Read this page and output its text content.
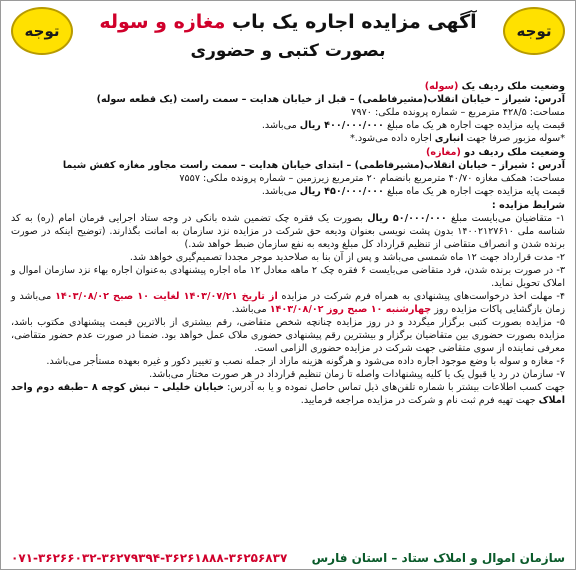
توجه
توجه	آگهی مزایده اجاره یک باب مغازه و سوله
بصورت کتبی و حضوری

وضعیت ملک ردیف یک (سوله)

آدرس: شیراز – خیابان انقلاب(مشیرفاطمی) – قبل از خیابان هدایت – سمت راست (یک قطعه سوله)

مساحت: ۴۲۸/۵ مترمربع – شماره پرونده ملکی: ۷۹۷۰

قیمت پایه مزایده جهت اجاره هر یک ماه مبلغ ۴۰۰/۰۰۰/۰۰۰ ریال می‌باشد.

*سوله مزبور صرفا جهت انباری اجاره داده می‌شود.*

وضعیت ملک ردیف دو (مغازه)

آدرس : شیراز – خیابان انقلاب(مشیرفاطمی) – ابتدای خیابان هدایت – سمت راست مجاور مغازه کفش شیما

مساحت: همکف مغازه ۴۰/۷۰ مترمربع بانضمام ۲۰ مترمربع زیرزمین – شماره پرونده ملکی: ۷۵۵۷

قیمت پایه مزایده جهت اجاره هر یک ماه مبلغ ۴۵۰/۰۰۰/۰۰۰ ریال می‌باشد.

شرایط مزایده :

۱- متقاضیان می‌بایست مبلغ ۵۰/۰۰۰/۰۰۰ ریال بصورت یک فقره چک تضمین شده بانکی در وجه ستاد اجرایی فرمان امام (ره) به کد شناسه ملی ۱۴۰۰۲۱۲۷۶۱۰ بدون پشت نویسی بعنوان ودیعه حق شرکت در مزایده نزد سازمان به امانت بگذارند. (توضیح اینکه در صورت برنده شدن و انصراف متقاضی از تنظیم قرارداد کل مبلغ ودیعه به نفع سازمان ضبط خواهد شد.)

۲- مدت قرارداد جهت ۱۲ ماه شمسی می‌باشد و پس از آن بنا به صلاحدید موجر مجددا تصمیم‌گیری خواهد شد.

۳- در صورت برنده شدن، فرد متقاضی می‌بایست ۶ فقره چک ۲ ماهه معادل ۱۲ ماه اجاره پیشنهادی به‌عنوان اجاره بهاء نزد سازمان اموال و املاک تحویل نماید.

۴- مهلت اخذ درخواست‌های پیشنهادی به همراه فرم شرکت در مزایده از تاریخ ۱۴۰۳/۰۷/۲۱ لغایت ۱۰ صبح ۱۴۰۳/۰۸/۰۲ می‌باشد و زمان بازگشایی پاکات مزایده روز چهارشنبه ۱۰ صبح روز ۱۴۰۳/۰۸/۰۲ می‌باشد.

۵- مزایده بصورت کتبی برگزار میگردد و در روز مزایده چنانچه شخص متقاضی، رقم بیشتری از بالاترین قیمت پیشنهادی مکتوب باشد، مزایده بصورت حضوری بین متقاضیان برگزار و بیشترین رقم پیشنهادی حضوری ملاک عمل خواهد بود. ضمنا در صورت عدم حضور متقاضی، معرفی نماینده از سوی متقاضی جهت شرکت در مزایده حضوری الزامی است.

۶- مغازه و سوله با وضع موجود اجاره داده می‌شود و هرگونه هزینه مازاد از جمله نصب و تغییر دکور و غیره بعهده مستأجر می‌باشد.

۷- سازمان در رد یا قبول یک یا کلیه پیشنهادات واصله تا زمان تنظیم قرارداد در هر صورت مختار می‌باشد.

جهت کسب اطلاعات بیشتر با شماره تلفن‌های ذیل تماس حاصل نموده و یا به آدرس: خیابان خلیلی – نبش کوچه ۸ –طبقه دوم واحد املاک جهت تهیه فرم ثبت نام و شرکت در مزایده مراجعه فرمایید.

سازمان اموال و املاک ستاد – استان فارس
۰۷۱-۳۶۲۶۶۰۳۲-۳۶۲۷۹۳۹۴-۳۶۲۶۱۸۸۸-۳۶۲۵۶۸۳۷
